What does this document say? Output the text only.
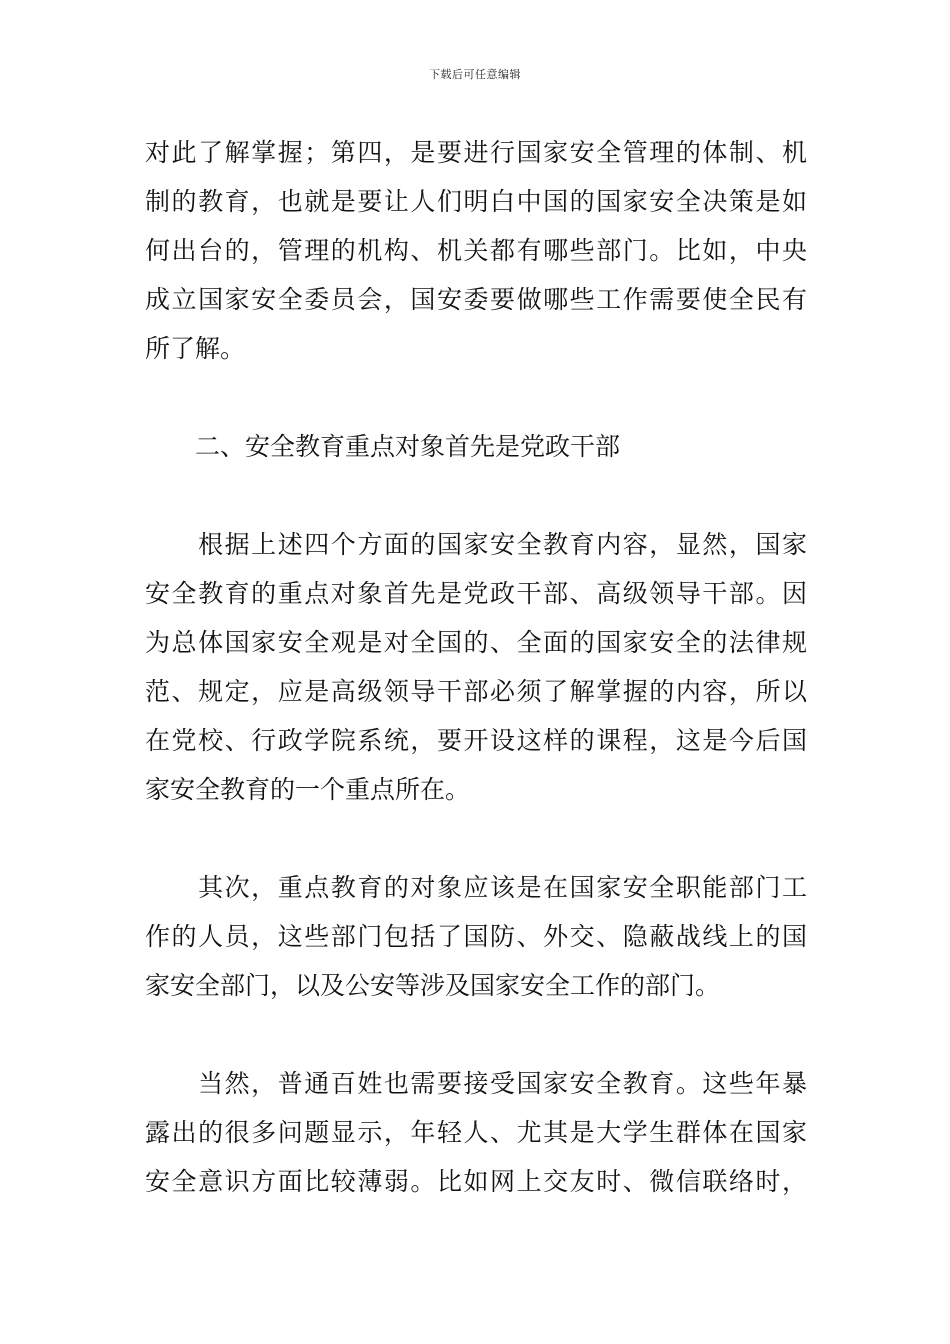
下载后可任意编辑
对此了解掌握；第四，是要进行国家安全管理的体制、机
制的教育，也就是要让人们明白中国的国家安全决策是如
何出台的，管理的机构、机关都有哪些部门。比如，中央
成立国家安全委员会，国安委要做哪些工作需要使全民有
所了解。
　　二、安全教育重点对象首先是党政干部
　　根据上述四个方面的国家安全教育内容，显然，国家
安全教育的重点对象首先是党政干部、高级领导干部。因
为总体国家安全观是对全国的、全面的国家安全的法律规
范、规定，应是高级领导干部必须了解掌握的内容，所以
在党校、行政学院系统，要开设这样的课程，这是今后国
家安全教育的一个重点所在。
　　其次，重点教育的对象应该是在国家安全职能部门工
作的人员，这些部门包括了国防、外交、隐蔽战线上的国
家安全部门，以及公安等涉及国家安全工作的部门。
　　当然，普通百姓也需要接受国家安全教育。这些年暴
露出的很多问题显示，年轻人、尤其是大学生群体在国家
安全意识方面比较薄弱。比如网上交友时、微信联络时，
